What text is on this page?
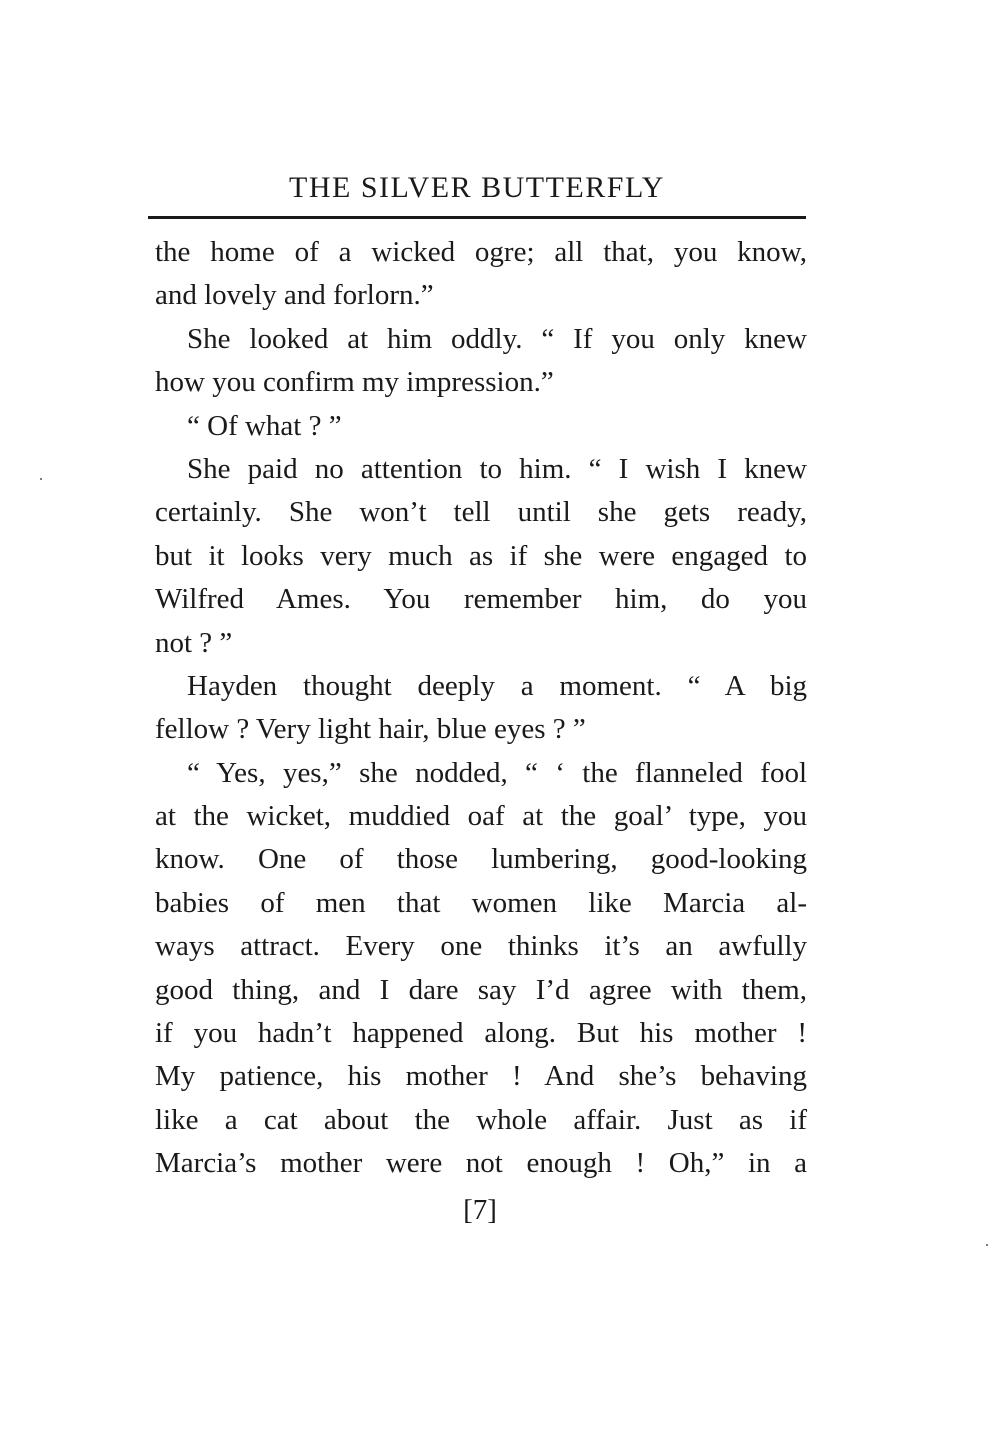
THE SILVER BUTTERFLY
the home of a wicked ogre; all that, you know,
and lovely and forlorn.”
She looked at him oddly. “ If you only knew
how you confirm my impression.”
“ Of what ? ”
She paid no attention to him. “ I wish I knew
certainly. She won’t tell until she gets ready,
but it looks very much as if she were engaged to
Wilfred Ames. You remember him, do you
not ? ”
Hayden thought deeply a moment. “ A big
fellow ? Very light hair, blue eyes ? ”
“ Yes, yes,” she nodded, “ ‘ the flanneled fool
at the wicket, muddied oaf at the goal’ type, you
know. One of those lumbering, good-looking
babies of men that women like Marcia al-
ways attract. Every one thinks it’s an awfully
good thing, and I dare say I’d agree with them,
if you hadn’t happened along. But his mother !
My patience, his mother ! And she’s behaving
like a cat about the whole affair. Just as if
Marcia’s mother were not enough ! Oh,” in a
[7]
